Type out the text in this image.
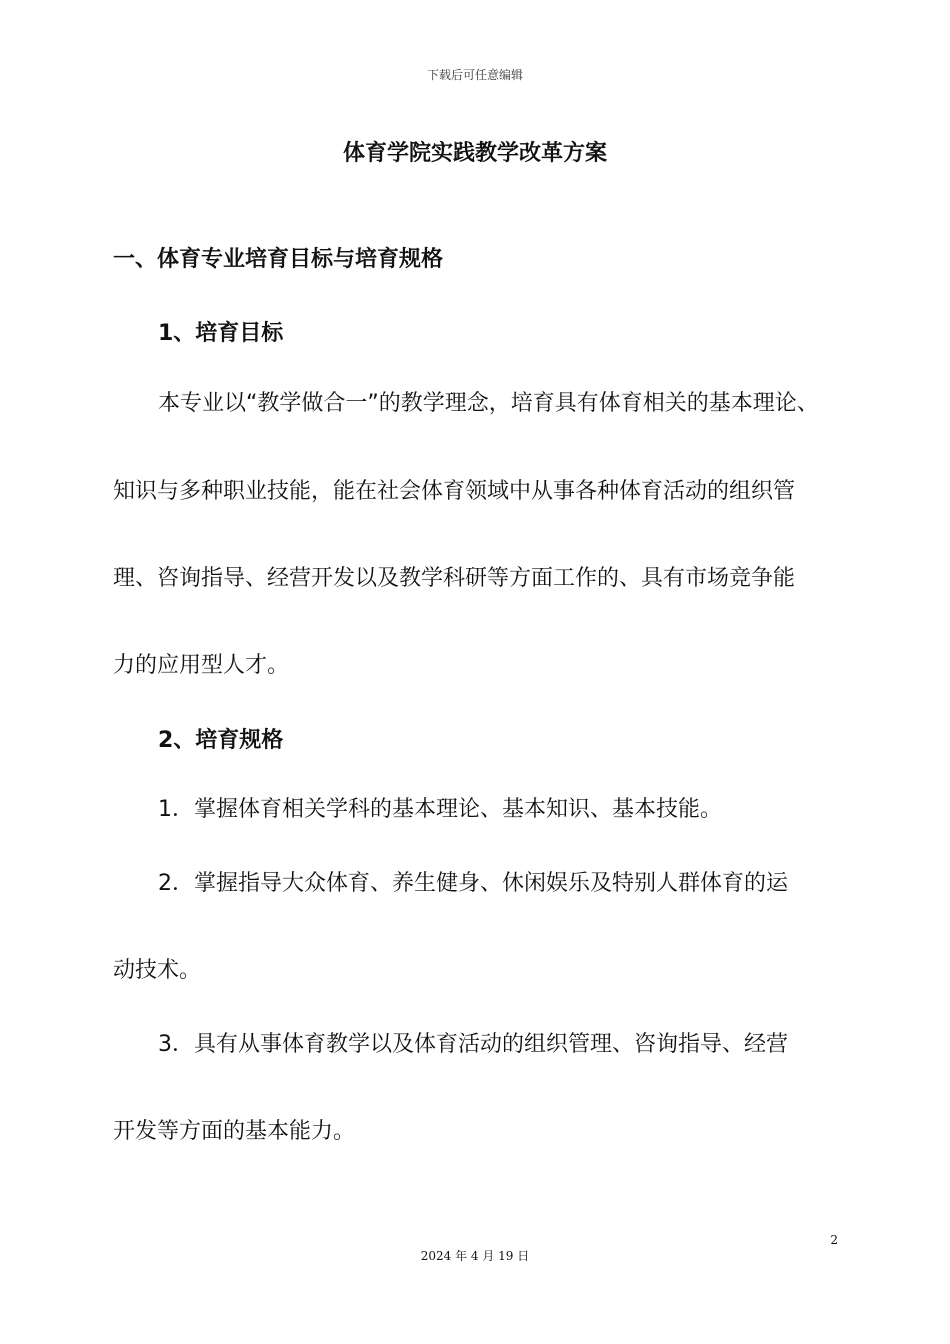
下载后可任意编辑
体育学院实践教学改革方案
一、体育专业培育目标与培育规格
1、培育目标

本专业以“教学做合一”的教学理念，培育具有体育相关的基本理论、

知识与多种职业技能，能在社会体育领域中从事各种体育活动的组织管

理、咨询指导、经营开发以及教学科研等方面工作的、具有市场竞争能

力的应用型人才。

2、培育规格

1．掌握体育相关学科的基本理论、基本知识、基本技能。

2．掌握指导大众体育、养生健身、休闲娱乐及特别人群体育的运

动技术。

3．具有从事体育教学以及体育活动的组织管理、咨询指导、经营

开发等方面的基本能力。

2
2024 年 4 月 19 日
